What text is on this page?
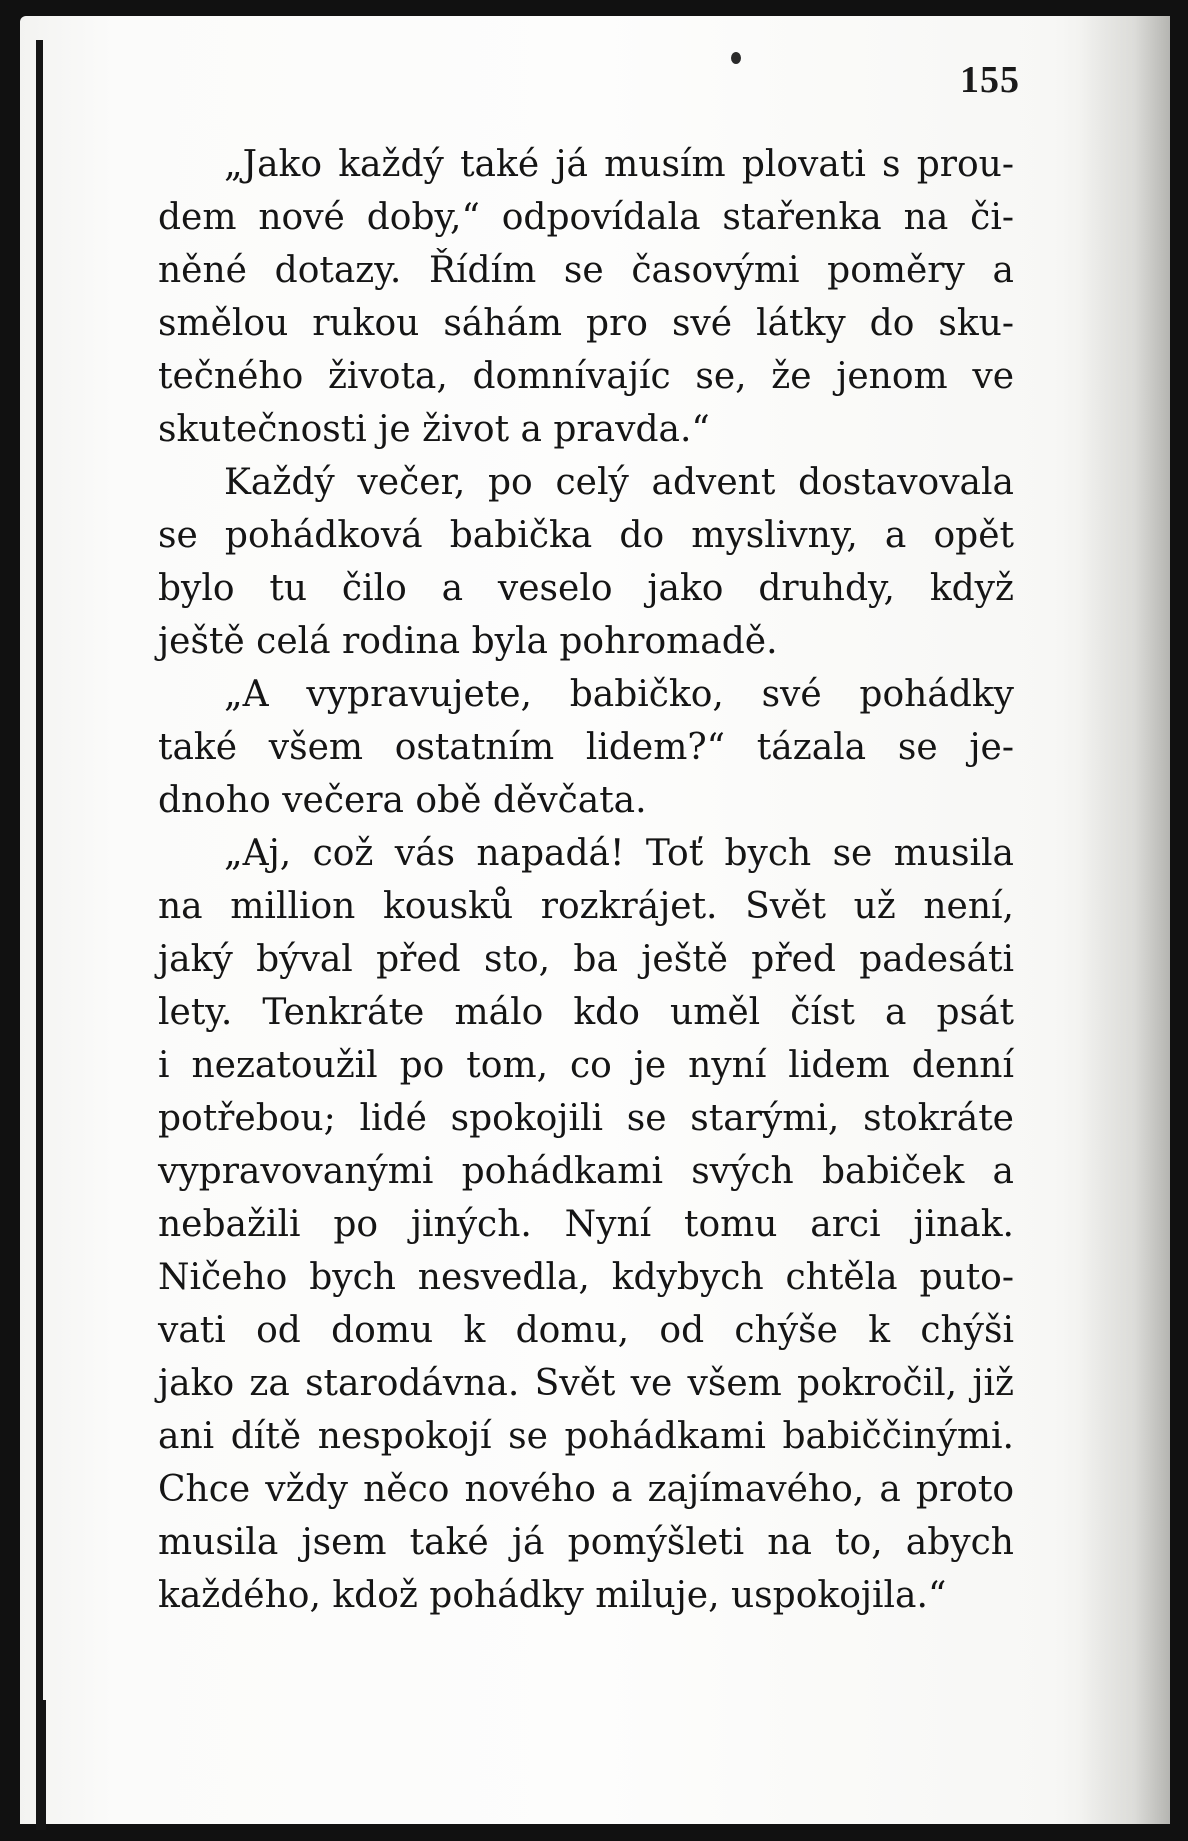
155
„Jako každý také já musím plovati s prou-
dem nové doby,“ odpovídala stařenka na či-
něné dotazy. Řídím se časovými poměry a
smělou rukou sáhám pro své látky do sku-
tečného života, domnívajíc se, že jenom ve
skutečnosti je život a pravda.“
Každý večer, po celý advent dostavovala
se pohádková babička do myslivny, a opět
bylo tu čilo a veselo jako druhdy, když
ještě celá rodina byla pohromadě.
„A vypravujete, babičko, své pohádky
také všem ostatním lidem?“ tázala se je-
dnoho večera obě děvčata.
„Aj, což vás napadá! Toť bych se musila
na million kousků rozkrájet. Svět už není,
jaký býval před sto, ba ještě před padesáti
lety. Tenkráte málo kdo uměl číst a psát
i nezatoužil po tom, co je nyní lidem denní
potřebou; lidé spokojili se starými, stokráte
vypravovanými pohádkami svých babiček a
nebažili po jiných. Nyní tomu arci jinak.
Ničeho bych nesvedla, kdybych chtěla puto-
vati od domu k domu, od chýše k chýši
jako za starodávna. Svět ve všem pokročil, již
ani dítě nespokojí se pohádkami babiččinými.
Chce vždy něco nového a zajímavého, a proto
musila jsem také já pomýšleti na to, abych
každého, kdož pohádky miluje, uspokojila.“
